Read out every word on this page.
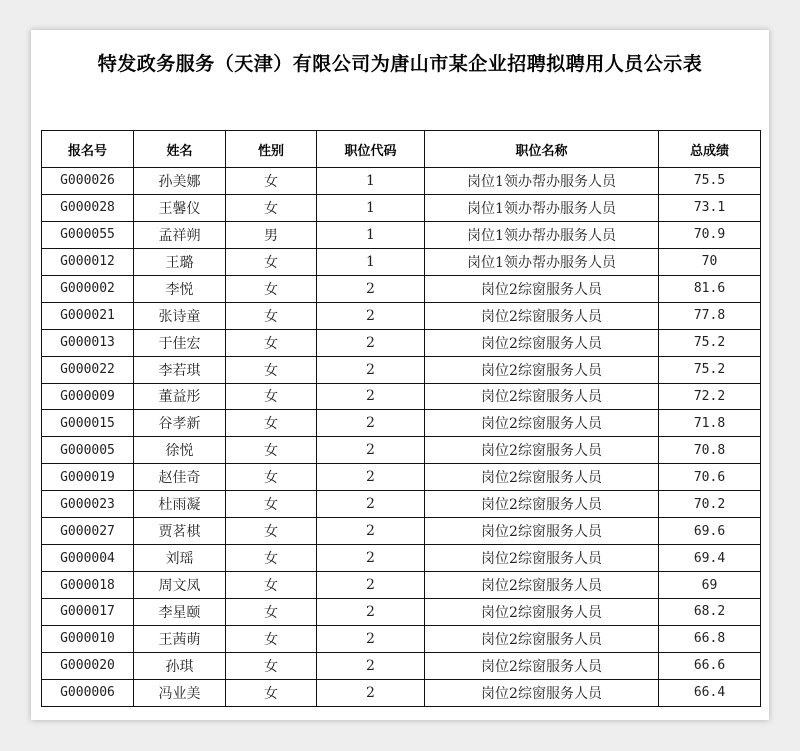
特发政务服务（天津）有限公司为唐山市某企业招聘拟聘用人员公示表
报名号	姓名	性别	职位代码	职位名称	总成绩
G000026	孙美娜	女	1	岗位1领办帮办服务人员	75.5
G000028	王馨仪	女	1	岗位1领办帮办服务人员	73.1
G000055	孟祥朔	男	1	岗位1领办帮办服务人员	70.9
G000012	王璐	女	1	岗位1领办帮办服务人员	70
G000002	李悦	女	2	岗位2综窗服务人员	81.6
G000021	张诗童	女	2	岗位2综窗服务人员	77.8
G000013	于佳宏	女	2	岗位2综窗服务人员	75.2
G000022	李若琪	女	2	岗位2综窗服务人员	75.2
G000009	董益彤	女	2	岗位2综窗服务人员	72.2
G000015	谷孝新	女	2	岗位2综窗服务人员	71.8
G000005	徐悦	女	2	岗位2综窗服务人员	70.8
G000019	赵佳奇	女	2	岗位2综窗服务人员	70.6
G000023	杜雨凝	女	2	岗位2综窗服务人员	70.2
G000027	贾茗棋	女	2	岗位2综窗服务人员	69.6
G000004	刘瑶	女	2	岗位2综窗服务人员	69.4
G000018	周文凤	女	2	岗位2综窗服务人员	69
G000017	李星颐	女	2	岗位2综窗服务人员	68.2
G000010	王茜萌	女	2	岗位2综窗服务人员	66.8
G000020	孙琪	女	2	岗位2综窗服务人员	66.6
G000006	冯业美	女	2	岗位2综窗服务人员	66.4
